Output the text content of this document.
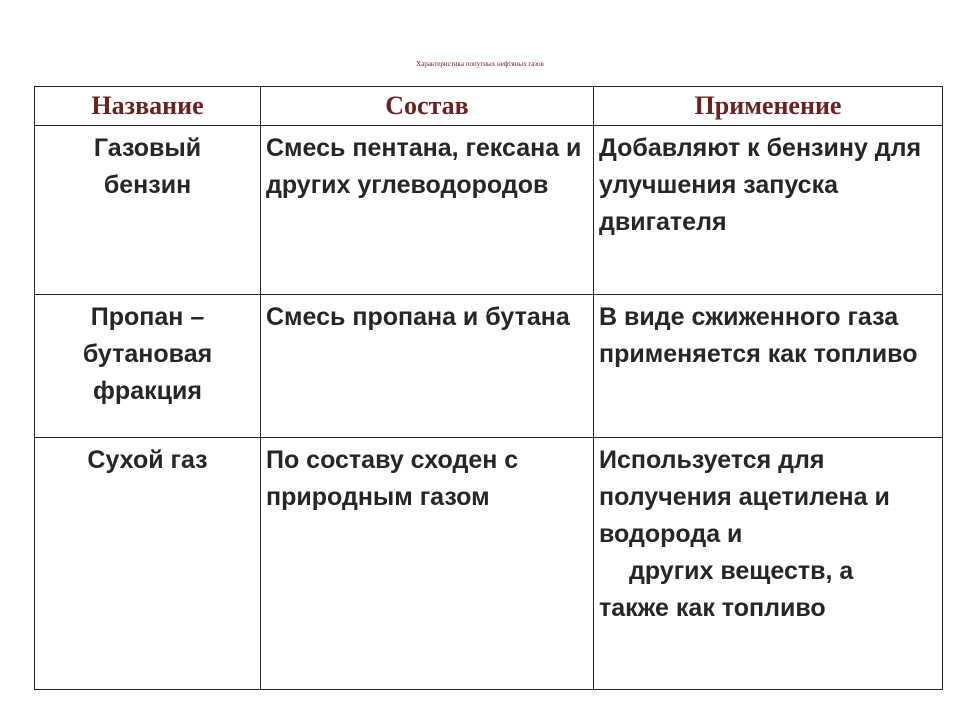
Характеристика попутных нефтяных газов
Название	Состав	Применение

Газовый
бензин	Смесь пентана, гексана и других углеводородов	Добавляют к бензину для улучшения запуска двигателя

Пропан –
бутановая фракция	Смесь пропана и бутана	В виде сжиженного газа применяется как топливо

Сухой газ	По составу сходен с природным газом	Используется для получения ацетилена и водорода и
других веществ, а
также как топливо
